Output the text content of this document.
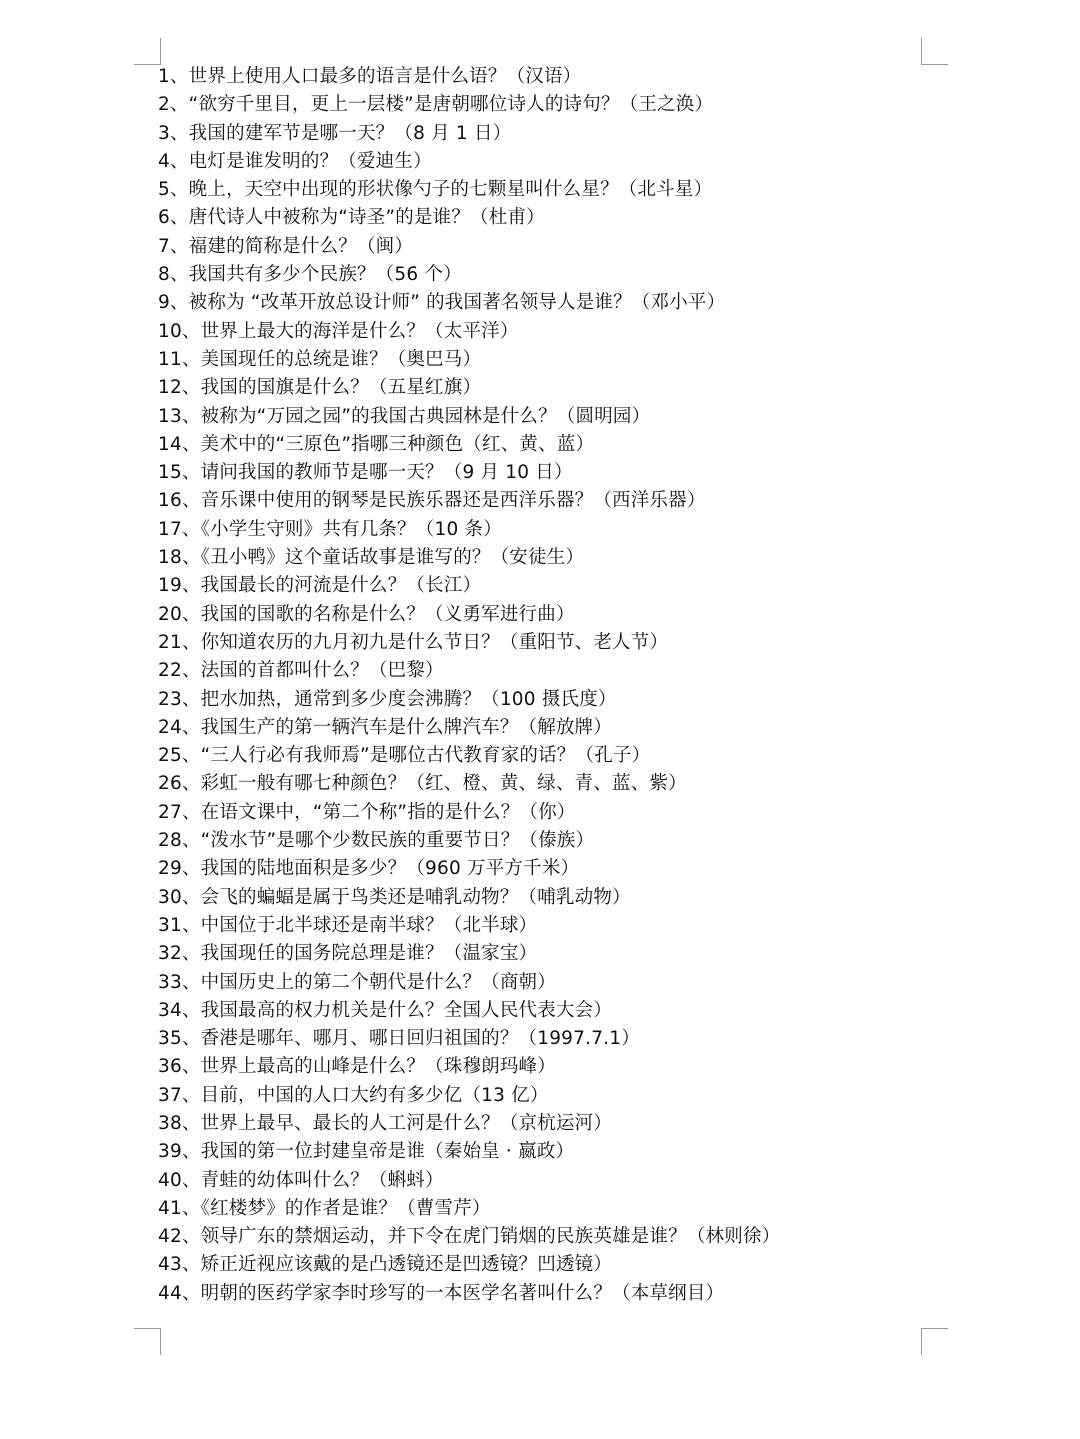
1、世界上使用人口最多的语言是什么语？（汉语）
2、“欲穷千里目，更上一层楼”是唐朝哪位诗人的诗句？（王之涣）
3、我国的建军节是哪一天？（8 月 1 日）
4、电灯是谁发明的？（爱迪生）
5、晚上，天空中出现的形状像勺子的七颗星叫什么星？（北斗星）
6、唐代诗人中被称为“诗圣”的是谁？（杜甫）
7、福建的简称是什么？（闽）
8、我国共有多少个民族？（56 个）
9、被称为 “改革开放总设计师” 的我国著名领导人是谁？（邓小平）
10、世界上最大的海洋是什么？（太平洋）
11、美国现任的总统是谁？（奥巴马）
12、我国的国旗是什么？（五星红旗）
13、被称为“万园之园”的我国古典园林是什么？（圆明园）
14、美术中的“三原色”指哪三种颜色（红、黄、蓝）
15、请问我国的教师节是哪一天？（9 月 10 日）
16、音乐课中使用的钢琴是民族乐器还是西洋乐器？（西洋乐器）
17、《小学生守则》共有几条？（10 条）
18、《丑小鸭》这个童话故事是谁写的？（安徒生）
19、我国最长的河流是什么？（长江）
20、我国的国歌的名称是什么？（义勇军进行曲）
21、你知道农历的九月初九是什么节日？（重阳节、老人节）
22、法国的首都叫什么？（巴黎）
23、把水加热，通常到多少度会沸腾？（100 摄氏度）
24、我国生产的第一辆汽车是什么牌汽车？（解放牌）
25、“三人行必有我师焉”是哪位古代教育家的话？（孔子）
26、彩虹一般有哪七种颜色？（红、橙、黄、绿、青、蓝、紫）
27、在语文课中，“第二个称”指的是什么？（你）
28、“泼水节”是哪个少数民族的重要节日？（傣族）
29、我国的陆地面积是多少？（960 万平方千米）
30、会飞的蝙蝠是属于鸟类还是哺乳动物？（哺乳动物）
31、中国位于北半球还是南半球？（北半球）
32、我国现任的国务院总理是谁？（温家宝）
33、中国历史上的第二个朝代是什么？（商朝）
34、我国最高的权力机关是什么？全国人民代表大会）
35、香港是哪年、哪月、哪日回归祖国的？（1997.7.1）
36、世界上最高的山峰是什么？（珠穆朗玛峰）
37、目前，中国的人口大约有多少亿（13 亿）
38、世界上最早、最长的人工河是什么？（京杭运河）
39、我国的第一位封建皇帝是谁（秦始皇 · 嬴政）
40、青蛙的幼体叫什么？（蝌蚪）
41、《红楼梦》的作者是谁？（曹雪芹）
42、领导广东的禁烟运动，并下令在虎门销烟的民族英雄是谁？（林则徐）
43、矫正近视应该戴的是凸透镜还是凹透镜？凹透镜）
44、明朝的医药学家李时珍写的一本医学名著叫什么？（本草纲目）
